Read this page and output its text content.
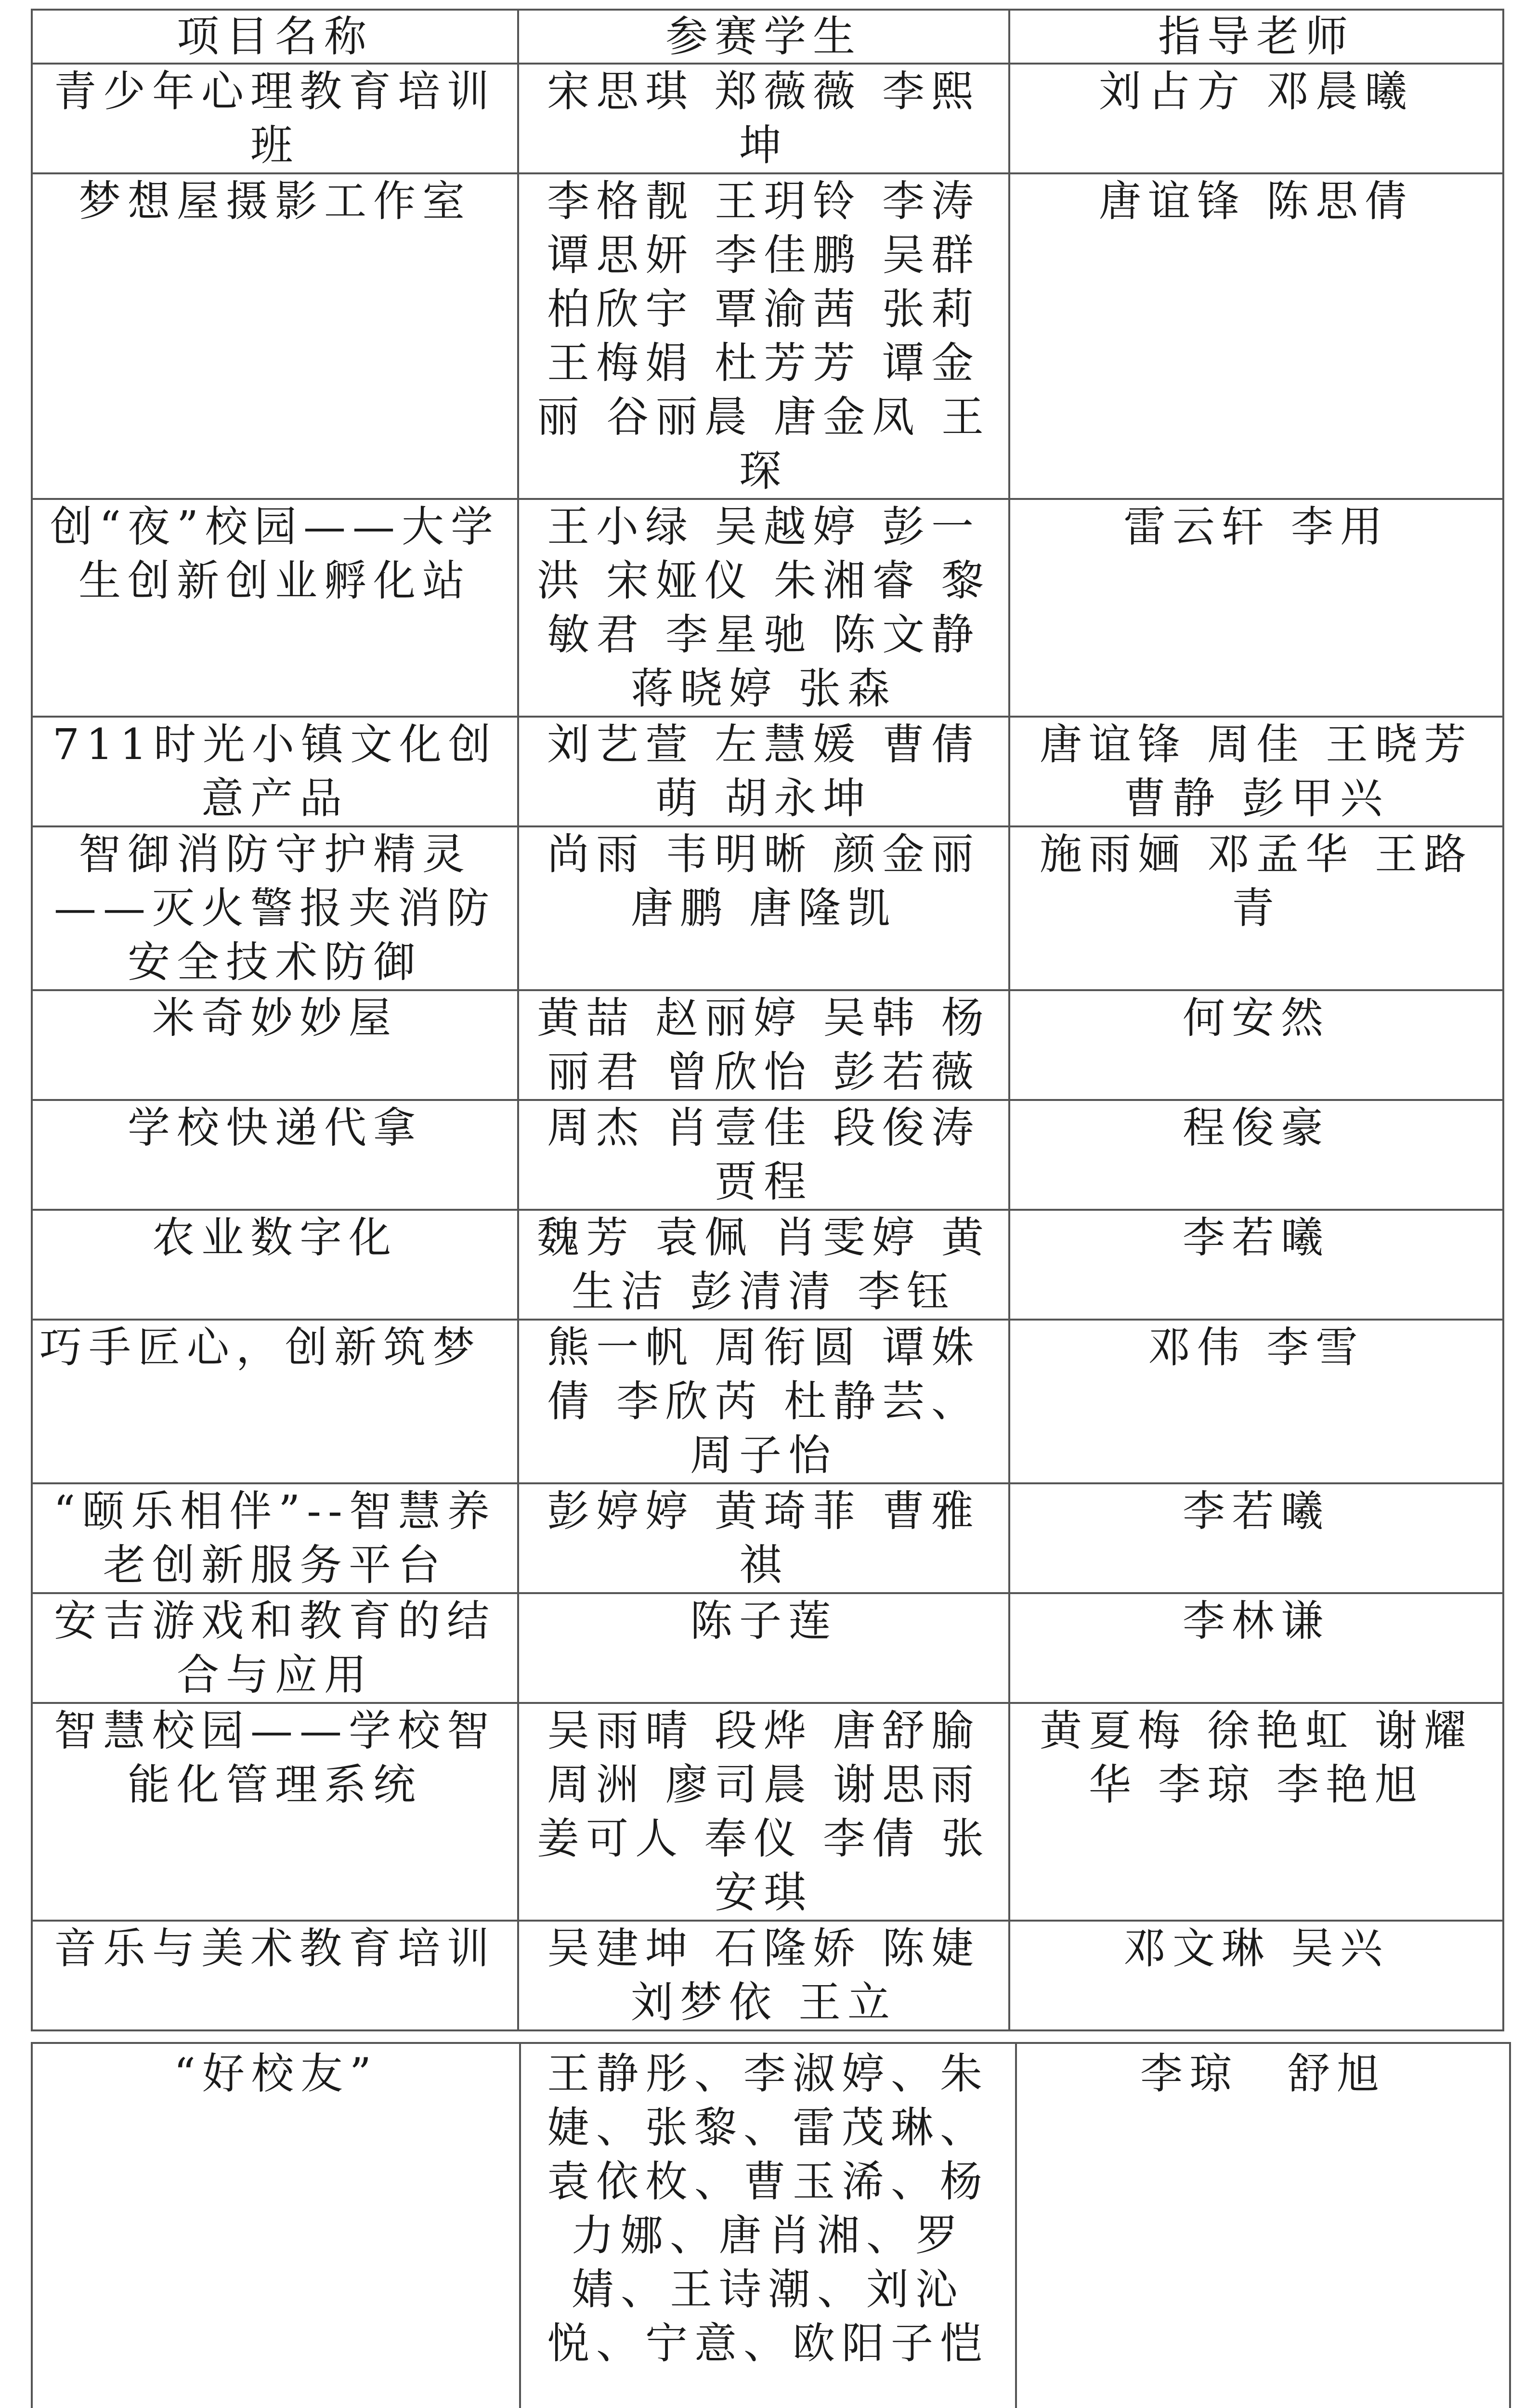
项目名称	参赛学生	指导老师
青少年心理教育培训班	宋思琪 郑薇薇 李熙坤	刘占方 邓晨曦
梦想屋摄影工作室	李格靓 王玥铃 李涛 谭思妍 李佳鹏 吴群 柏欣宇 覃渝茜 张莉 王梅娟 杜芳芳 谭金丽 谷丽晨 唐金凤 王琛	唐谊锋 陈思倩
创“夜”校园——大学生创新创业孵化站	王小绿 吴越婷 彭一洪 宋娅仪 朱湘睿 黎敏君 李星驰 陈文静 蒋晓婷 张森	雷云轩 李用
711时光小镇文化创意产品	刘艺萱 左慧媛 曹倩萌 胡永坤	唐谊锋 周佳 王晓芳 曹静 彭甲兴
智御消防守护精灵——灭火警报夹消防安全技术防御	尚雨 韦明晰 颜金丽 唐鹏 唐隆凯	施雨婳 邓孟华 王路青
米奇妙妙屋	黄喆 赵丽婷 吴韩 杨丽君 曾欣怡 彭若薇	何安然
学校快递代拿	周杰 肖壹佳 段俊涛 贾程	程俊豪
农业数字化	魏芳 袁佩 肖雯婷 黄生洁 彭清清 李钰	李若曦
巧手匠心，创新筑梦	熊一帆 周衔圆 谭姝倩 李欣芮 杜静芸、周子怡	邓伟 李雪
“颐乐相伴”--智慧养老创新服务平台	彭婷婷 黄琦菲 曹雅祺	李若曦
安吉游戏和教育的结合与应用	陈子莲	李林谦
智慧校园——学校智能化管理系统	吴雨晴 段烨 唐舒腧 周洲 廖司晨 谢思雨 姜可人 奉仪 李倩 张安琪	黄夏梅 徐艳虹 谢耀华 李琼 李艳旭
音乐与美术教育培训	吴建坤 石隆娇 陈婕 刘梦依 王立	邓文琳 吴兴
“好校友”	王静彤、李淑婷、朱婕、张黎、雷茂琳、袁依枚、曹玉浠、杨力娜、唐肖湘、罗婧、王诗潮、刘沁悦、宁意、欧阳子恺	李琼　舒旭
